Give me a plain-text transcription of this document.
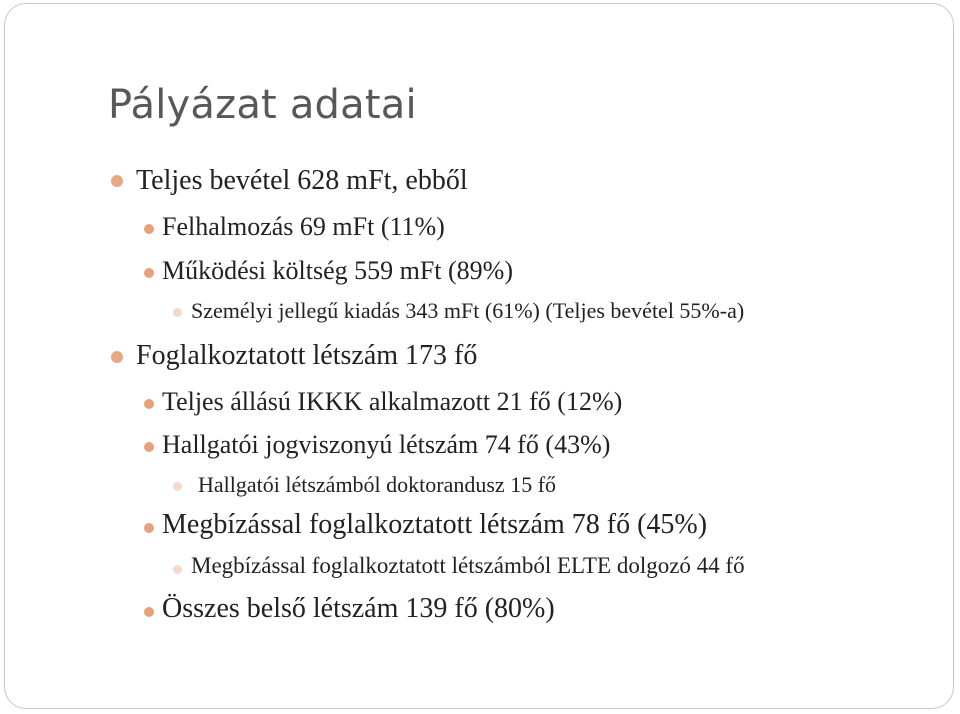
Pályázat adatai
Teljes bevétel 628 mFt, ebből
Felhalmozás 69 mFt (11%)
Működési költség 559 mFt (89%)
Személyi jellegű kiadás 343 mFt (61%) (Teljes bevétel 55%-a)
Foglalkoztatott létszám 173 fő
Teljes állású IKKK alkalmazott 21 fő (12%)
Hallgatói jogviszonyú létszám 74 fő (43%)
Hallgatói létszámból doktorandusz 15 fő
Megbízással foglalkoztatott létszám 78 fő (45%)
Megbízással foglalkoztatott létszámból ELTE dolgozó 44 fő
Összes belső létszám 139 fő (80%)
